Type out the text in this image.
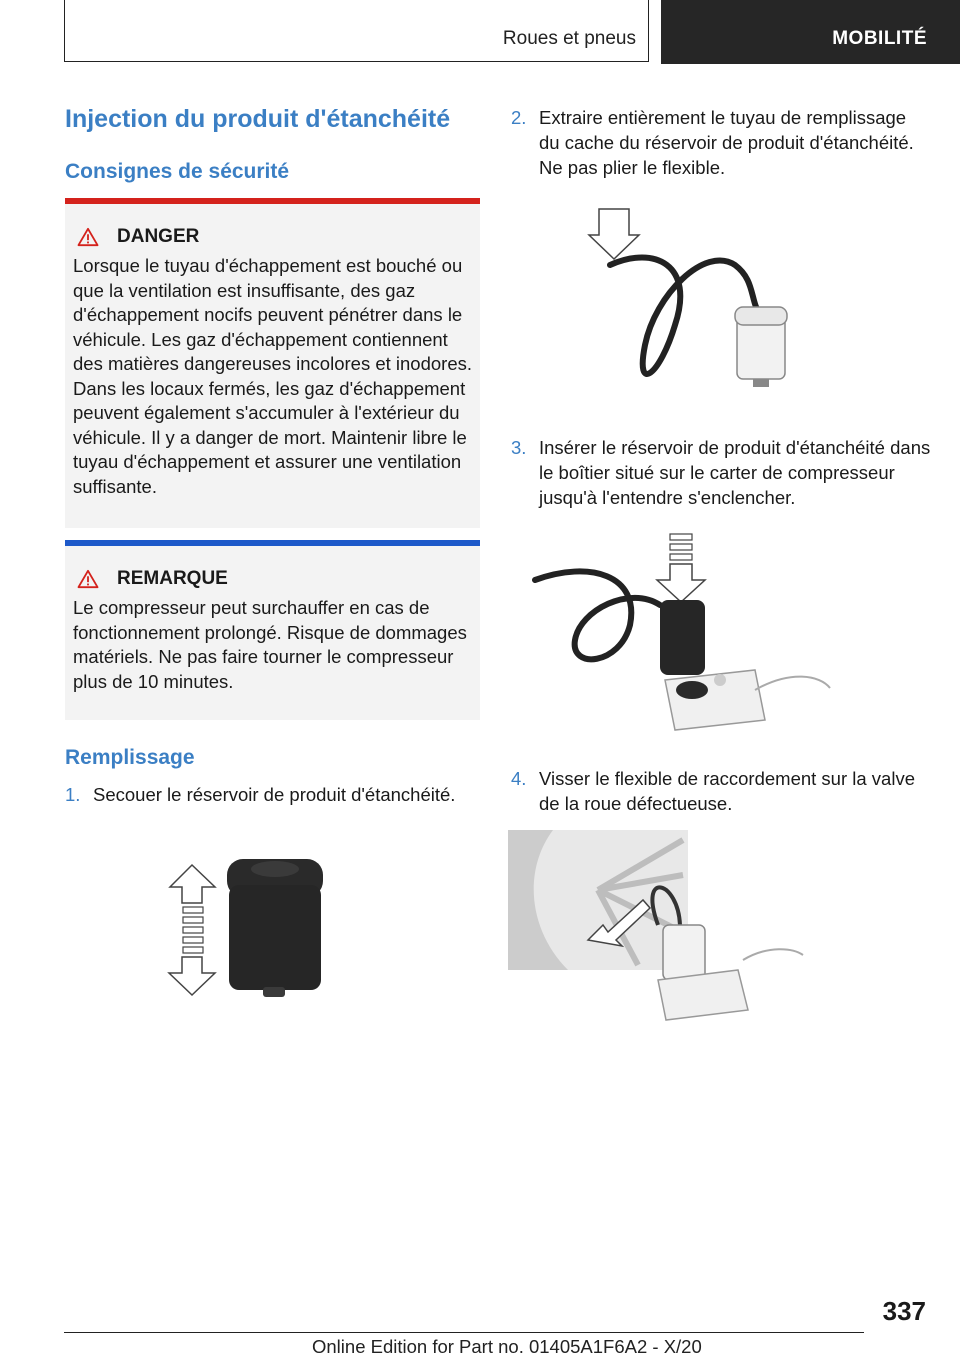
Roues et pneus	MOBILITÉ
Injection du produit d'étanchéité
Consignes de sécurité
DANGER
Lorsque le tuyau d'échappement est bouché ou que la ventilation est insuffisante, des gaz d'échappement nocifs peuvent pénétrer dans le véhicule. Les gaz d'échappement contiennent des matières dangereuses incolores et inodores. Dans les locaux fermés, les gaz d'échappement peuvent également s'accumuler à l'extérieur du véhicule. Il y a danger de mort. Maintenir libre le tuyau d'échappement et assurer une ventilation suffisante.
REMARQUE
Le compresseur peut surchauffer en cas de fonctionnement prolongé. Risque de dommages matériels. Ne pas faire tourner le compresseur plus de 10 minutes.
Remplissage
1. Secouer le réservoir de produit d'étanchéité.
2. Extraire entièrement le tuyau de remplissage du cache du réservoir de produit d'étanchéité. Ne pas plier le flexible.
3. Insérer le réservoir de produit d'étanchéité dans le boîtier situé sur le carter de compresseur jusqu'à l'entendre s'enclencher.
4. Visser le flexible de raccordement sur la valve de la roue défectueuse.
337
Online Edition for Part no. 01405A1F6A2 - X/20
